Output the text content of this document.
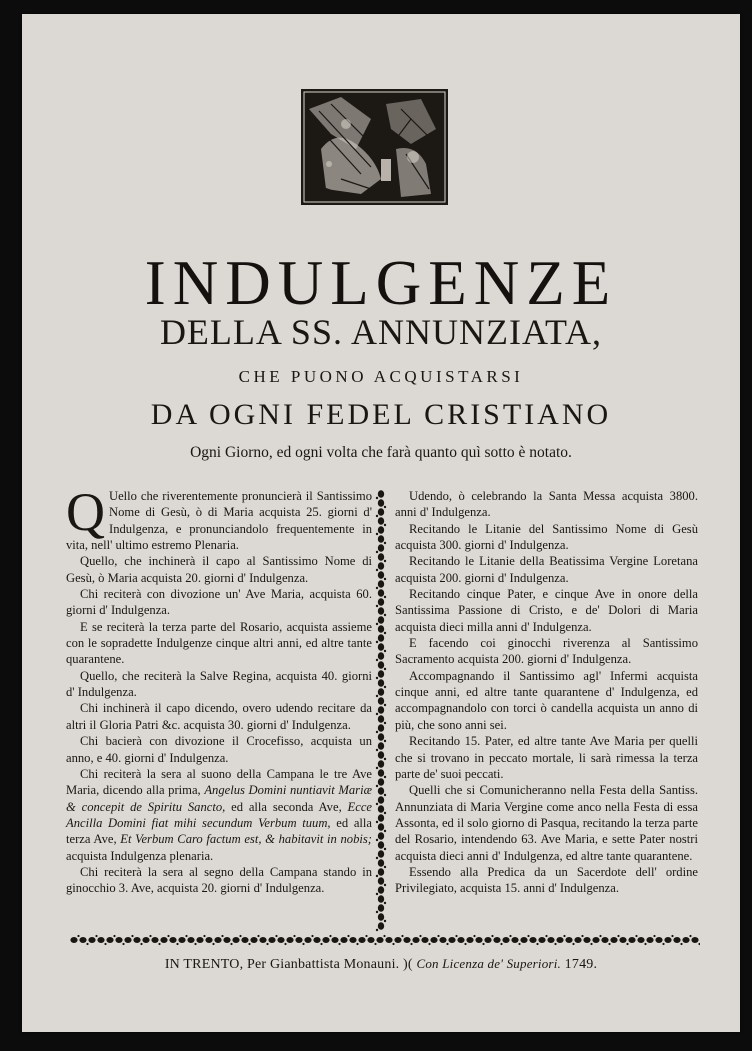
INDULGENZE
DELLA SS. ANNUNZIATA,
CHE PUONO ACQUISTARSI
DA OGNI FEDEL CRISTIANO
Ogni Giorno, ed ogni volta che farà quanto quì sotto è notato.

Q Uello che riverentemente pronuncierà il Santissimo Nome di Gesù, ò di Maria acquista 25. giorni d' Indulgenza, e pronunciandolo frequentemente in vita, nell' ultimo estremo Plenaria.

Quello, che inchinerà il capo al Santissimo Nome di Gesù, ò Maria acquista 20. giorni d' Indulgenza.

Chi reciterà con divozione un' Ave Maria, acquista 60. giorni d' Indulgenza.

E se reciterà la terza parte del Rosario, acquista assieme con le sopradette Indulgenze cinque altri anni, ed altre tante quarantene.

Quello, che reciterà la Salve Regina, acquista 40. giorni d' Indulgenza.

Chi inchinerà il capo dicendo, overo udendo recitare da altri il Gloria Patri &c. acquista 30. giorni d' Indulgenza.

Chi bacierà con divozione il Crocefisso, acquista un anno, e 40. giorni d' Indulgenza.

Chi reciterà la sera al suono della Campana le tre Ave Maria, dicendo alla prima, Angelus Domini nuntiavit Mariæ & concepit de Spiritu Sancto, ed alla seconda Ave, Ecce Ancilla Domini fiat mihi secundum Verbum tuum, ed alla terza Ave, Et Verbum Caro factum est, & habitavit in nobis; acquista Indulgenza plenaria.

Chi reciterà la sera al segno della Campana stando in ginocchio 3. Ave, acquista 20. giorni d' Indulgenza.

Udendo, ò celebrando la Santa Messa acquista 3800. anni d' Indulgenza.

Recitando le Litanie del Santissimo Nome di Gesù acquista 300. giorni d' Indulgenza.

Recitando le Litanie della Beatissima Vergine Loretana acquista 200. giorni d' Indulgenza.

Recitando cinque Pater, e cinque Ave in onore della Santissima Passione di Cristo, e de' Dolori di Maria acquista dieci milla anni d' Indulgenza.

E facendo coi ginocchi riverenza al Santissimo Sacramento acquista 200. giorni d' Indulgenza.

Accompagnando il Santissimo agl' Infermi acquista cinque anni, ed altre tante quarantene d' Indulgenza, ed accompagnandolo con torci ò candella acquista un anno di più, che sono anni sei.

Recitando 15. Pater, ed altre tante Ave Maria per quelli che si trovano in peccato mortale, li sarà rimessa la terza parte de' suoi peccati.

Quelli che si Comunicheranno nella Festa della Santiss. Annunziata di Maria Vergine come anco nella Festa di essa Assonta, ed il solo giorno di Pasqua, recitando la terza parte del Rosario, intendendo 63. Ave Maria, e sette Pater nostri acquista dieci anni d' Indulgenza, ed altre tante quarantene.

Essendo alla Predica da un Sacerdote dell' ordine Privilegiato, acquista 15. anni d' Indulgenza.

IN TRENTO, Per Gianbattista Monauni. )( Con Licenza de' Superiori. 1749.
